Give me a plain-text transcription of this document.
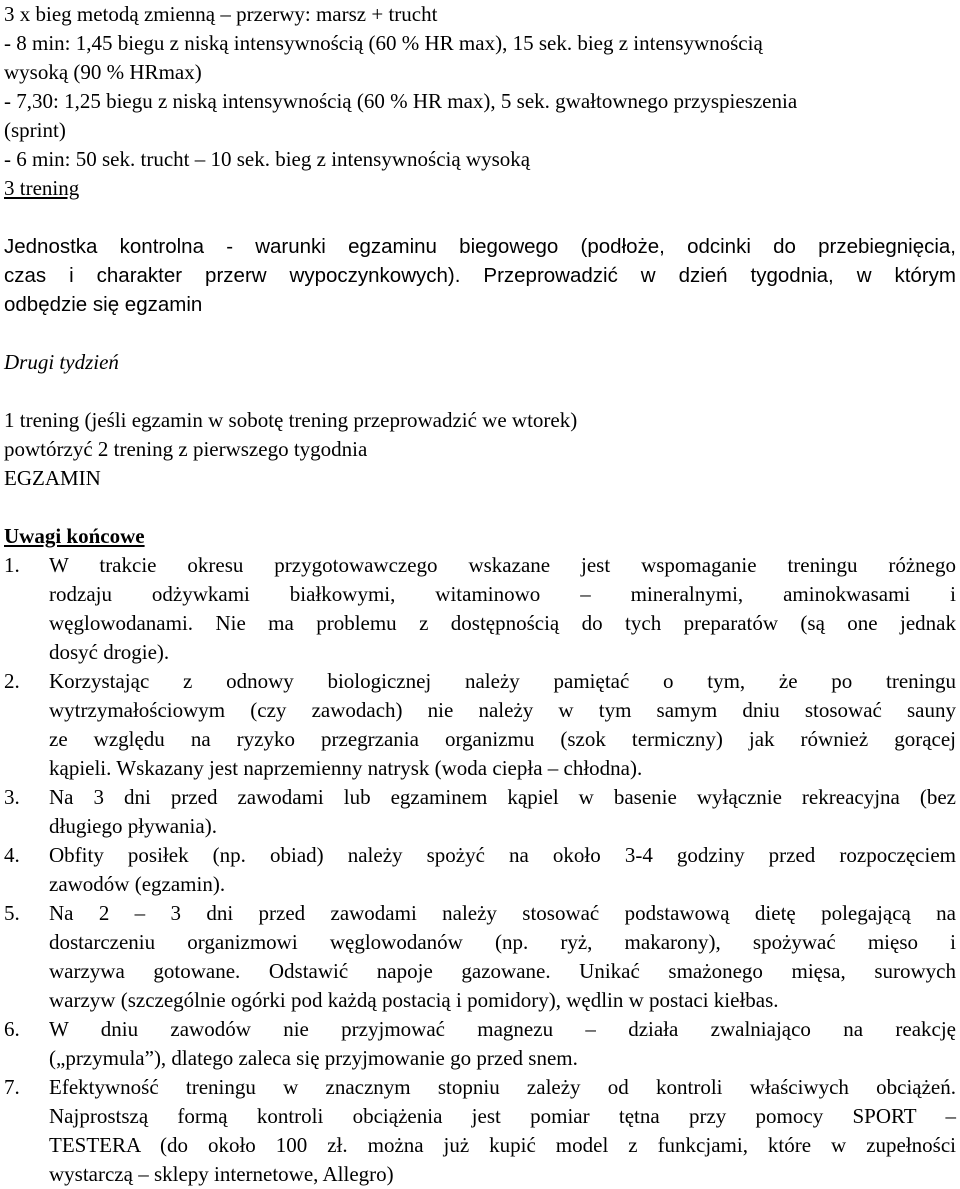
3 x bieg metodą zmienną – przerwy: marsz + trucht
- 8 min: 1,45 biegu z niską intensywnością (60 % HR max), 15 sek. bieg z intensywnością
wysoką (90 % HRmax)
- 7,30: 1,25 biegu z niską intensywnością (60 % HR max), 5 sek. gwałtownego przyspieszenia
(sprint)
- 6 min: 50 sek. trucht – 10 sek. bieg z intensywnością wysoką
3 trening
Jednostka kontrolna - warunki egzaminu biegowego (podłoże, odcinki do przebiegnięcia,
czas i charakter przerw wypoczynkowych). Przeprowadzić w dzień tygodnia, w którym
odbędzie się egzamin
Drugi tydzień
1 trening (jeśli egzamin w sobotę trening przeprowadzić we wtorek)
powtórzyć 2 trening z pierwszego tygodnia
EGZAMIN
Uwagi końcowe
1.	W trakcie okresu przygotowawczego wskazane jest wspomaganie treningu różnego
rodzaju odżywkami białkowymi, witaminowo – mineralnymi, aminokwasami i
węglowodanami. Nie ma problemu z dostępnością do tych preparatów (są one jednak
dosyć drogie).
2.	Korzystając z odnowy biologicznej należy pamiętać o tym, że po treningu
wytrzymałościowym (czy zawodach) nie należy w tym samym dniu stosować sauny
ze względu na ryzyko przegrzania organizmu (szok termiczny) jak również gorącej
kąpieli. Wskazany jest naprzemienny natrysk (woda ciepła – chłodna).
3.	Na 3 dni przed zawodami lub egzaminem kąpiel w basenie wyłącznie rekreacyjna (bez
długiego pływania).
4.	Obfity posiłek (np. obiad) należy spożyć na około 3-4 godziny przed rozpoczęciem
zawodów (egzamin).
5.	Na 2 – 3 dni przed zawodami należy stosować podstawową dietę polegającą na
dostarczeniu organizmowi węglowodanów (np. ryż, makarony), spożywać mięso i
warzywa gotowane. Odstawić napoje gazowane. Unikać smażonego mięsa, surowych
warzyw (szczególnie ogórki pod każdą postacią i pomidory), wędlin w postaci kiełbas.
6.	W dniu zawodów nie przyjmować magnezu – działa zwalniająco na reakcję
(„przymula”), dlatego zaleca się przyjmowanie go przed snem.
7.	Efektywność treningu w znacznym stopniu zależy od kontroli właściwych obciążeń.
Najprostszą formą kontroli obciążenia jest pomiar tętna przy pomocy SPORT –
TESTERA (do około 100 zł. można już kupić model z funkcjami, które w zupełności
wystarczą – sklepy internetowe, Allegro)
